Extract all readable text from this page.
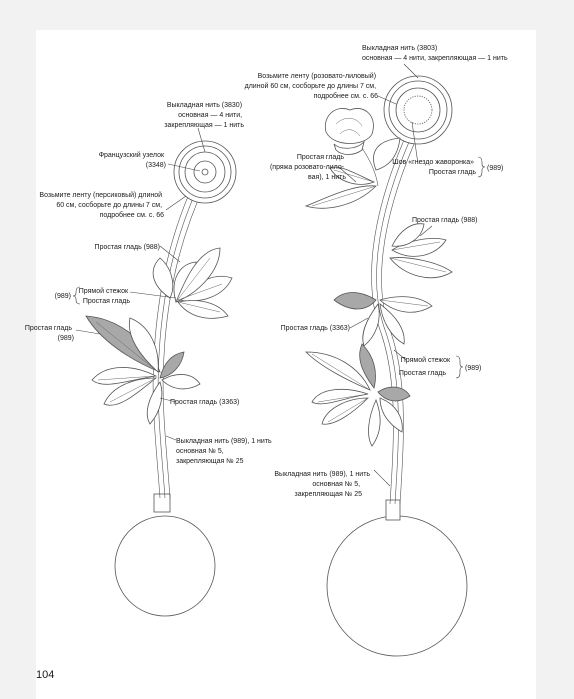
Выкладная нить (3830) основная — 4 нити, закрепляющая — 1 нить
Французский узелок (3348)
Возьмите ленту (персиковый) длиной 60 см, сосборьте до длины 7 см, подробнее см. с. 66
Простая гладь (988)
(989)
Прямой стежок Простая гладь
Простая гладь (989)
Простая гладь (3363)
Выкладная нить (989), 1 нить основная № 5, закрепляющая № 25
Выкладная нить (3803) основная — 4 нити, закрепляющая — 1 нить
Возьмите ленту (розовато-лиловый) длиной 60 см, сосборьте до длины 7 см, подробнее см. с. 66
Простая гладь (пряжа розовато-лило- вая), 1 нить
Шов «гнездо жаворонка» Простая гладь
(989)
Простая гладь (988)
Простая гладь (3363)
Прямой стежок Простая гладь
(989)
Выкладная нить (989), 1 нить основная № 5, закрепляющая № 25
104
